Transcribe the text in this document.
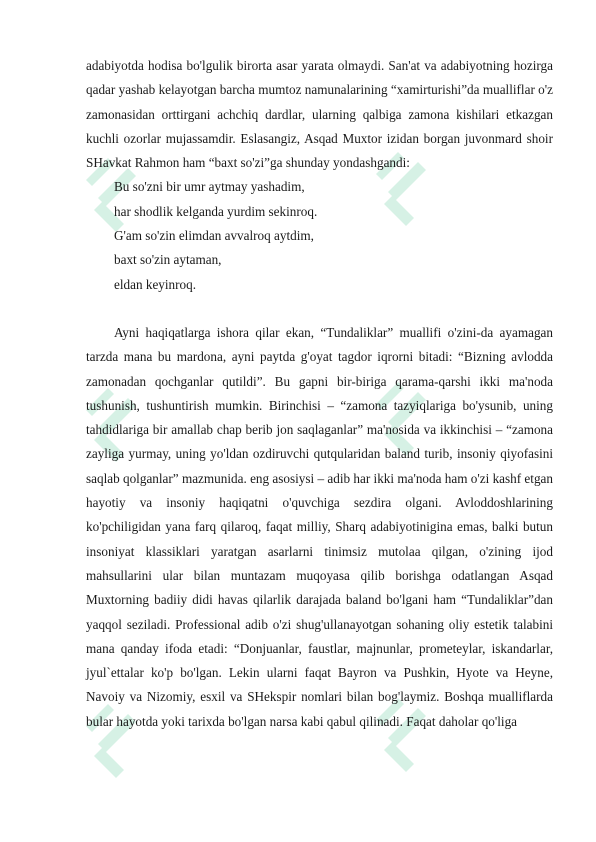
adabiyotda hodisa bo'lgulik birorta asar yarata olmaydi. San'at va adabiyotning hozirga qadar yashab kelayotgan barcha mumtoz namunalarining “xamirturishi”da mualliflar o'z zamonasidan orttirgani achchiq dardlar, ularning qalbiga zamona kishilari etkazgan kuchli ozorlar mujassamdir. Eslasangiz, Asqad Muxtor izidan borgan juvonmard shoir SHavkat Rahmon ham “baxt so'zi”ga shunday yondashgandi:

Bu so'zni bir umr aytmay yashadim,
har shodlik kelganda yurdim sekinroq.
G'am so'zin elimdan avvalroq aytdim,
baxt so'zin aytaman,
eldan keyinroq.

Ayni haqiqatlarga ishora qilar ekan, “Tundaliklar” muallifi o'zini-da ayamagan tarzda mana bu mardona, ayni paytda g'oyat tagdor iqrorni bitadi: “Bizning avlodda zamonadan qochganlar qutildi”. Bu gapni bir-biriga qarama-qarshi ikki ma'noda tushunish, tushuntirish mumkin. Birinchisi – “zamona tazyiqlariga bo'ysunib, uning tahdidlariga bir amallab chap berib jon saqlaganlar” ma'nosida va ikkinchisi – “zamona zayliga yurmay, uning yo'ldan ozdiruvchi qutqularidan baland turib, insoniy qiyofasini saqlab qolganlar” mazmunida. eng asosiysi – adib har ikki ma'noda ham o'zi kashf etgan hayotiy va insoniy haqiqatni o'quvchiga sezdira olgani. Avloddoshlarining ko'pchiligidan yana farq qilaroq, faqat milliy, Sharq adabiyotinigina emas, balki butun insoniyat klassiklari yaratgan asarlarni tinimsiz mutolaa qilgan, o'zining ijod mahsullarini ular bilan muntazam muqoyasa qilib borishga odatlangan Asqad Muxtorning badiiy didi havas qilarlik darajada baland bo'lgani ham “Tundaliklar”dan yaqqol seziladi. Professional adib o'zi shug'ullanayotgan sohaning oliy estetik talabini mana qanday ifoda etadi: “Donjuanlar, faustlar, majnunlar, prometeylar, iskandarlar, jyul`ettalar ko'p bo'lgan. Lekin ularni faqat Bayron va Pushkin, Hyote va Heyne, Navoiy va Nizomiy, esxil va SHekspir nomlari bilan bog'laymiz. Boshqa mualliflarda bular hayotda yoki tarixda bo'lgan narsa kabi qabul qilinadi. Faqat daholar qo'liga
